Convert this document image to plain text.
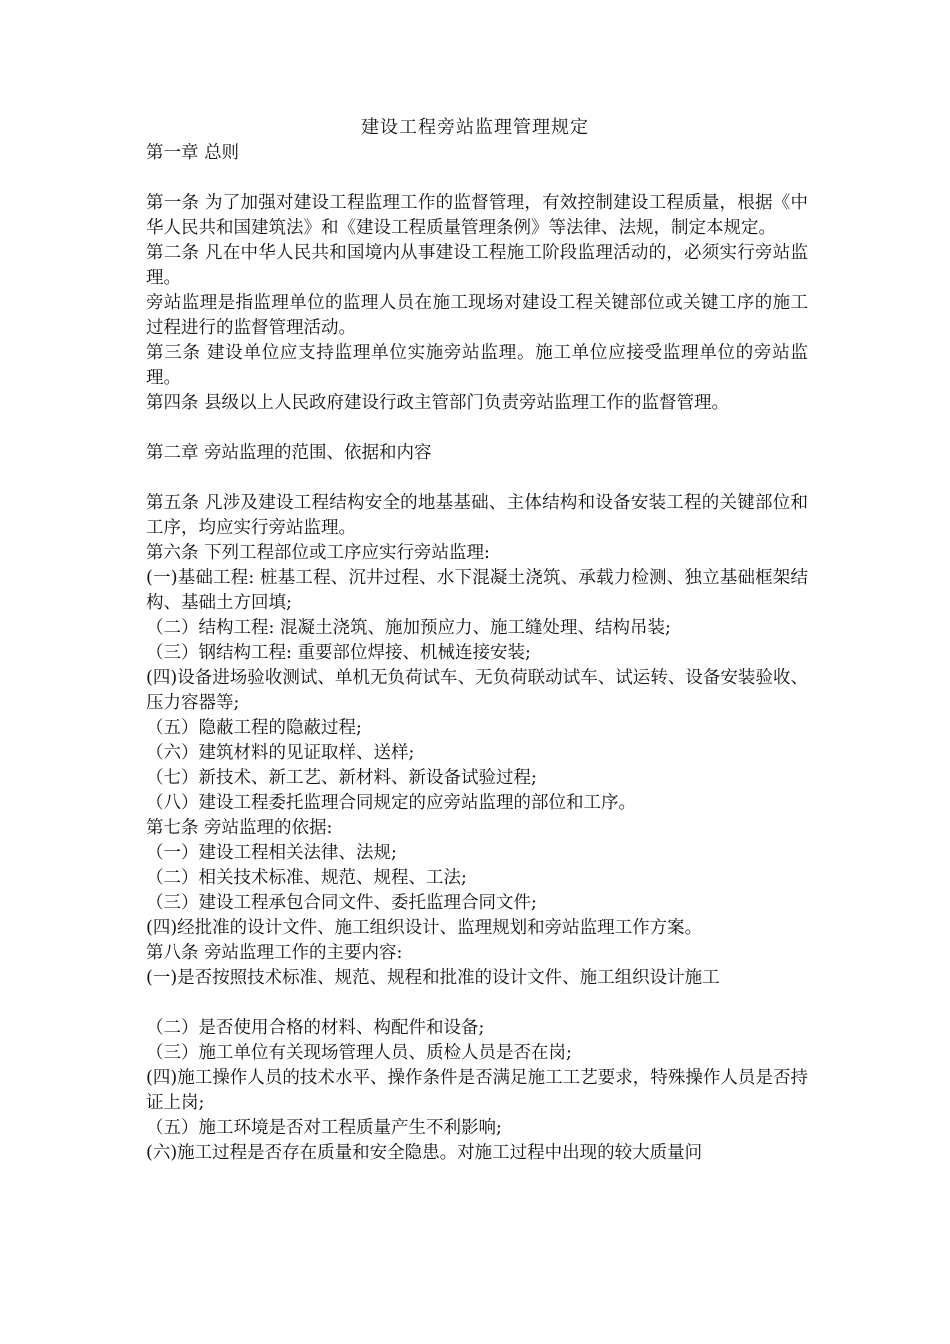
建设工程旁站监理管理规定

第一章 总则

第一条 为了加强对建设工程监理工作的监督管理，有效控制建设工程质量，根据《中华人民共和国建筑法》和《建设工程质量管理条例》等法律、法规，制定本规定。

第二条 凡在中华人民共和国境内从事建设工程施工阶段监理活动的，必须实行旁站监理。

旁站监理是指监理单位的监理人员在施工现场对建设工程关键部位或关键工序的施工过程进行的监督管理活动。

第三条 建设单位应支持监理单位实施旁站监理。施工单位应接受监理单位的旁站监理。

第四条 县级以上人民政府建设行政主管部门负责旁站监理工作的监督管理。

第二章 旁站监理的范围、依据和内容

第五条 凡涉及建设工程结构安全的地基基础、主体结构和设备安装工程的关键部位和工序，均应实行旁站监理。

第六条 下列工程部位或工序应实行旁站监理:

(一)基础工程: 桩基工程、沉井过程、水下混凝土浇筑、承载力检测、独立基础框架结构、基础土方回填;

（二）结构工程: 混凝土浇筑、施加预应力、施工缝处理、结构吊装;

（三）钢结构工程: 重要部位焊接、机械连接安装;

(四)设备进场验收测试、单机无负荷试车、无负荷联动试车、试运转、设备安装验收、压力容器等;

（五）隐蔽工程的隐蔽过程;

（六）建筑材料的见证取样、送样;

（七）新技术、新工艺、新材料、新设备试验过程;

（八）建设工程委托监理合同规定的应旁站监理的部位和工序。

第七条 旁站监理的依据:

（一）建设工程相关法律、法规;

（二）相关技术标准、规范、规程、工法;

（三）建设工程承包合同文件、委托监理合同文件;

(四)经批准的设计文件、施工组织设计、监理规划和旁站监理工作方案。

第八条 旁站监理工作的主要内容:

(一)是否按照技术标准、规范、规程和批准的设计文件、施工组织设计施工

（二）是否使用合格的材料、构配件和设备;

（三）施工单位有关现场管理人员、质检人员是否在岗;

(四)施工操作人员的技术水平、操作条件是否满足施工工艺要求，特殊操作人员是否持证上岗;

（五）施工环境是否对工程质量产生不利影响;

(六)施工过程是否存在质量和安全隐患。对施工过程中出现的较大质量问
